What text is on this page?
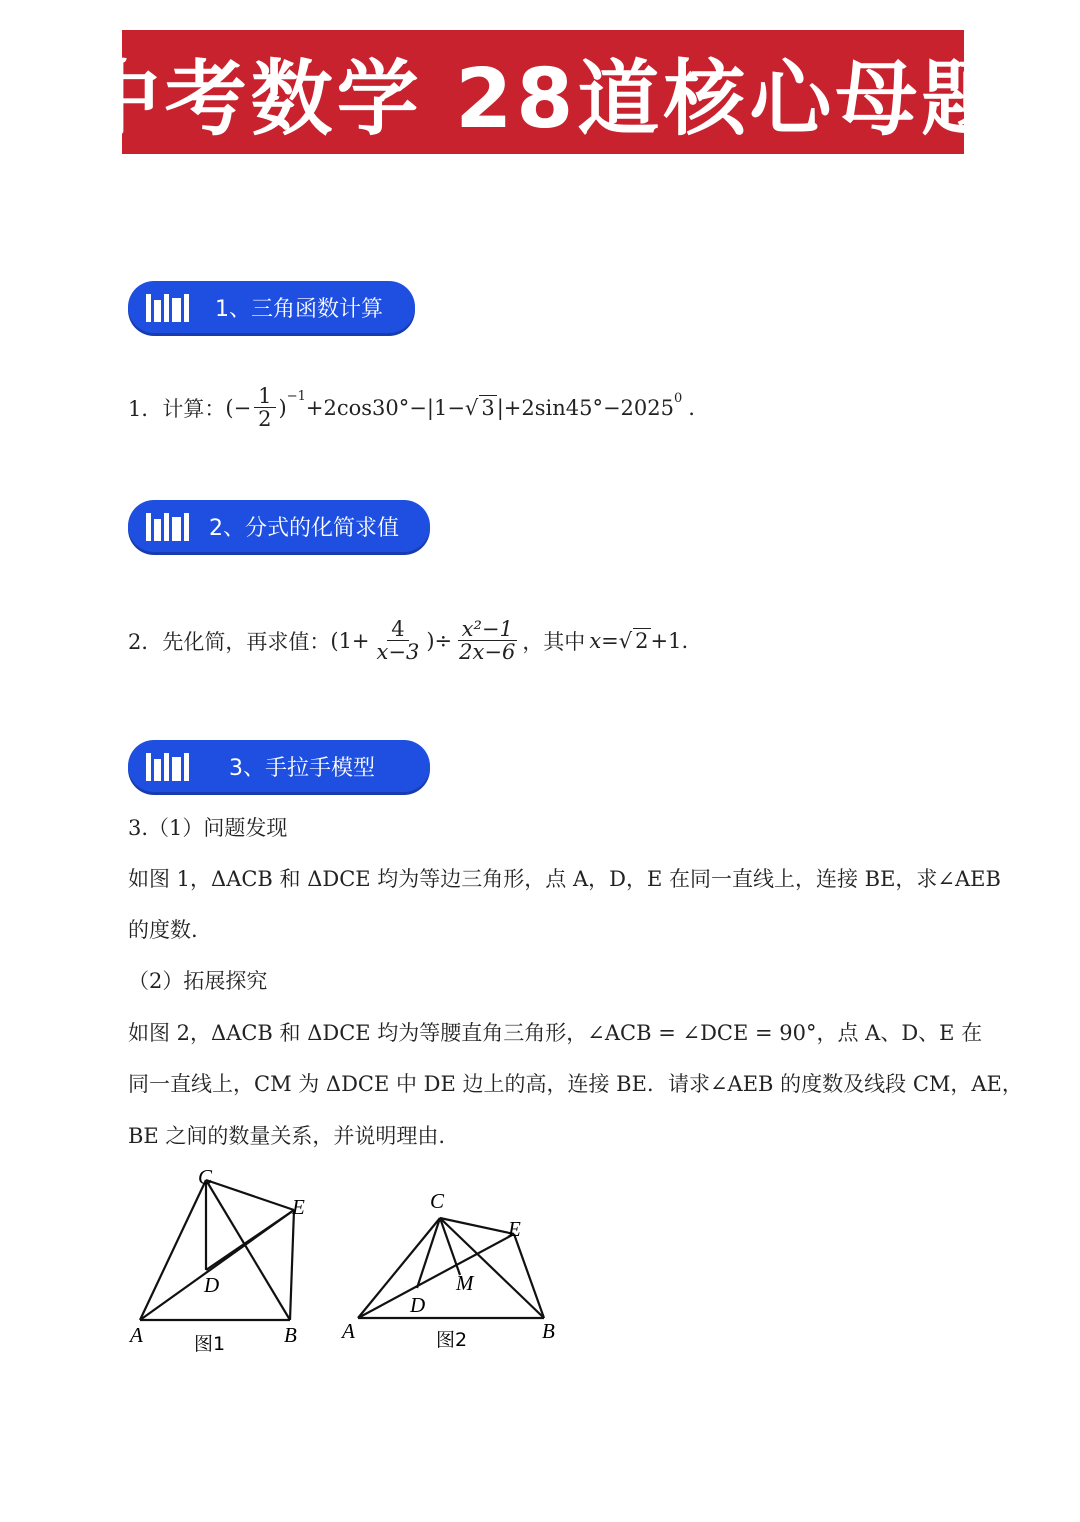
中考数学 28道核心母题
1、三角函数计算
1．计算： (− $\frac{1}{2} )^{-1} +2\cos 30^\circ-|1-$ √ 3 $|+2\sin 45^\circ-2025^0$ .
2、分式的化简求值
2．先化简，再求值： ($1+ \frac{4}{x-3}$ )÷ $\frac{\text{x²−1}}{2x-6}$ ，其中 x = √ 2 +1.
3、手拉手模型
3.（1）问题发现
如图 1，ΔACB 和 ΔDCE 均为等边三角形，点 A，D，E 在同一直线上，连接 BE，求∠AEB
的度数.
（2）拓展探究
如图 2，ΔACB 和 ΔDCE 均为等腰直角三角形，∠ACB = ∠DCE = 90°，点 A、D、E 在
同一直线上，CM 为 ΔDCE 中 DE 边上的高，连接 BE．请求∠AEB 的度数及线段 CM，AE，
BE 之间的数量关系，并说明理由.
C
E
D
A	B
图1
C
E
M
D
A	B
图2
